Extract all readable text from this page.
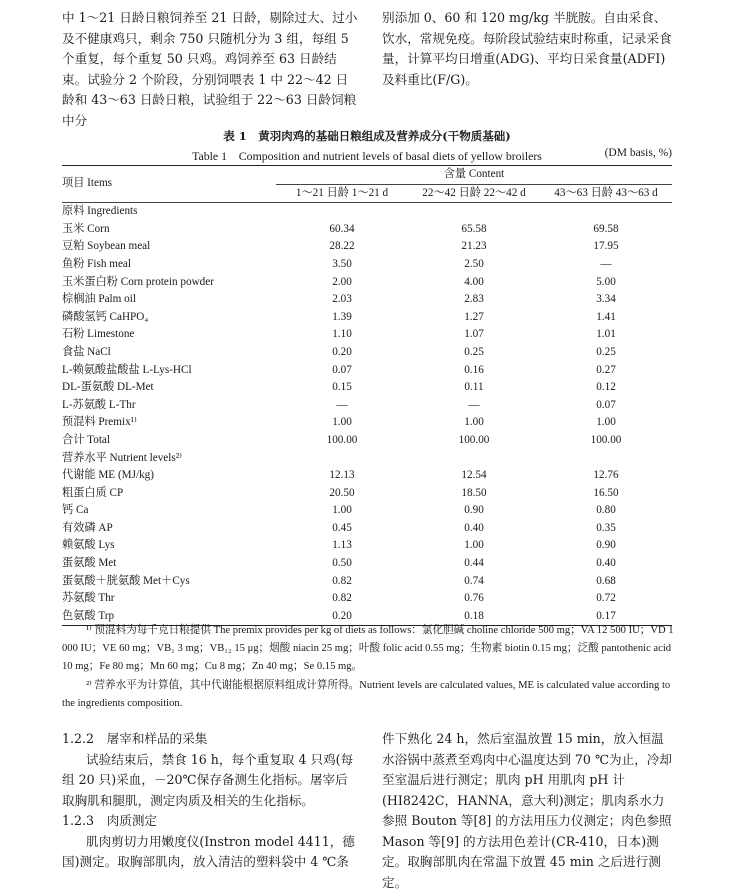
中 1～21 日龄日粮饲养至 21 日龄，剔除过大、过小及不健康鸡只，剩余 750 只随机分为 3 组，每组 5 个重复，每个重复 50 只鸡。鸡饲养至 63 日龄结束。试验分 2 个阶段，分别饲喂表 1 中 22～42 日龄和 43～63 日龄日粮，试验组于 22～63 日龄饲粮中分

别添加 0、60 和 120 mg/kg 半胱胺。自由采食、饮水，常规免疫。每阶段试验结束时称重，记录采食量，计算平均日增重(ADG)、平均日采食量(ADFI)及料重比(F/G)。

表 1　黄羽肉鸡的基础日粮组成及营养成分(干物质基础)
Table 1　Composition and nutrient levels of basal diets of yellow broilers	(DM basis, %)
项目 Items	含量 Content		
	1～21 日龄 1～21 d	22～42 日龄 22～42 d	43～63 日龄 43～63 d
原料 Ingredients			
玉米 Corn	60.34	65.58	69.58
豆粕 Soybean meal	28.22	21.23	17.95
鱼粉 Fish meal	3.50	2.50	—
玉米蛋白粉 Corn protein powder	2.00	4.00	5.00
棕榈油 Palm oil	2.03	2.83	3.34
磷酸氢钙 CaHPO₄	1.39	1.27	1.41
石粉 Limestone	1.10	1.07	1.01
食盐 NaCl	0.20	0.25	0.25
L-赖氨酸盐酸盐 L-Lys-HCl	0.07	0.16	0.27
DL-蛋氨酸 DL-Met	0.15	0.11	0.12
L-苏氨酸 L-Thr	—	—	0.07
预混料 Premix¹⁾	1.00	1.00	1.00
合计 Total	100.00	100.00	100.00
营养水平 Nutrient levels²⁾			
代谢能 ME (MJ/kg)	12.13	12.54	12.76
粗蛋白质 CP	20.50	18.50	16.50
钙 Ca	1.00	0.90	0.80
有效磷 AP	0.45	0.40	0.35
赖氨酸 Lys	1.13	1.00	0.90
蛋氨酸 Met	0.50	0.44	0.40
蛋氨酸＋胱氨酸 Met＋Cys	0.82	0.74	0.68
苏氨酸 Thr	0.82	0.76	0.72
色氨酸 Trp	0.20	0.18	0.17
¹⁾ 预混料为每千克日粮提供 The premix provides per kg of diets as follows：氯化胆碱 choline chloride 500 mg；VA 12 500 IU；VD 1 000 IU；VE 60 mg；VB₁ 3 mg；VB₁₂ 15 μg；烟酸 niacin 25 mg；叶酸 folic acid 0.55 mg；生物素 biotin 0.15 mg；泛酸 pantothenic acid 10 mg；Fe 80 mg；Mn 60 mg；Cu 8 mg；Zn 40 mg；Se 0.15 mg。
²⁾ 营养水平为计算值，其中代谢能根据原料组成计算所得。Nutrient levels are calculated values, ME is calculated value according to the ingredients composition.

1.2.2　屠宰和样品的采集

试验结束后，禁食 16 h，每个重复取 4 只鸡(每组 20 只)采血，－20℃保存备测生化指标。屠宰后取胸肌和腿肌，测定肉质及相关的生化指标。

1.2.3　肉质测定

肌肉剪切力用嫩度仪(Instron model 4411，德国)测定。取胸部肌肉，放入清洁的塑料袋中 4 ℃条

件下熟化 24 h，然后室温放置 15 min，放入恒温水浴锅中蒸煮至鸡肉中心温度达到 70 ℃为止，冷却至室温后进行测定；肌肉 pH 用肌肉 pH 计(HI8242C，HANNA，意大利)测定；肌肉系水力参照 Bouton 等[8] 的方法用压力仪测定；肉色参照 Mason 等[9] 的方法用色差计(CR-410，日本)测定。取胸部肌肉在常温下放置 45 min 之后进行测定。
